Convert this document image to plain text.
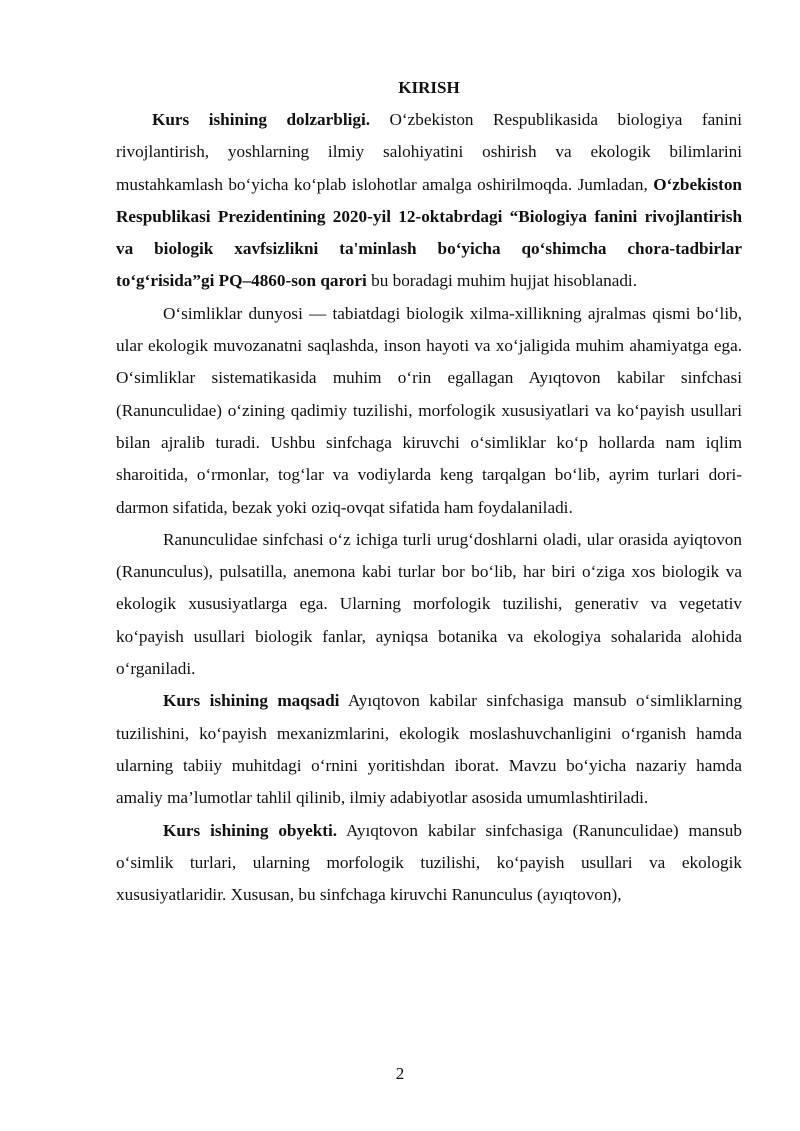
KIRISH

Kurs ishining dolzarbligi. O‘zbekiston Respublikasida biologiya fanini rivojlantirish, yoshlarning ilmiy salohiyatini oshirish va ekologik bilimlarini mustahkamlash bo‘yicha ko‘plab islohotlar amalga oshirilmoqda. Jumladan, O‘zbekiston Respublikasi Prezidentining 2020-yil 12-oktabrdagi “Biologiya fanini rivojlantirish va biologik xavfsizlikni ta'minlash bo‘yicha qo‘shimcha chora-tadbirlar to‘g‘risida”gi PQ–4860-son qarori bu boradagi muhim hujjat hisoblanadi.

O‘simliklar dunyosi — tabiatdagi biologik xilma-xillikning ajralmas qismi bo‘lib, ular ekologik muvozanatni saqlashda, inson hayoti va xo‘jaligida muhim ahamiyatga ega. O‘simliklar sistematikasida muhim o‘rin egallagan Ayıqtovon kabilar sinfchasi (Ranunculidae) o‘zining qadimiy tuzilishi, morfologik xususiyatlari va ko‘payish usullari bilan ajralib turadi. Ushbu sinfchaga kiruvchi o‘simliklar ko‘p hollarda nam iqlim sharoitida, o‘rmonlar, tog‘lar va vodiylarda keng tarqalgan bo‘lib, ayrim turlari dori-darmon sifatida, bezak yoki oziq-ovqat sifatida ham foydalaniladi.

Ranunculidae sinfchasi o‘z ichiga turli urug‘doshlarni oladi, ular orasida ayiqtovon (Ranunculus), pulsatilla, anemona kabi turlar bor bo‘lib, har biri o‘ziga xos biologik va ekologik xususiyatlarga ega. Ularning morfologik tuzilishi, generativ va vegetativ ko‘payish usullari biologik fanlar, ayniqsa botanika va ekologiya sohalarida alohida o‘rganiladi.

Kurs ishining maqsadi Ayıqtovon kabilar sinfchasiga mansub o‘simliklarning tuzilishini, ko‘payish mexanizmlarini, ekologik moslashuvchanligini o‘rganish hamda ularning tabiiy muhitdagi o‘rnini yoritishdan iborat. Mavzu bo‘yicha nazariy hamda amaliy ma’lumotlar tahlil qilinib, ilmiy adabiyotlar asosida umumlashtiriladi.

Kurs ishining obyekti. Ayıqtovon kabilar sinfchasiga (Ranunculidae) mansub o‘simlik turlari, ularning morfologik tuzilishi, ko‘payish usullari va ekologik xususiyatlaridir. Xususan, bu sinfchaga kiruvchi Ranunculus (ayıqtovon),

2
